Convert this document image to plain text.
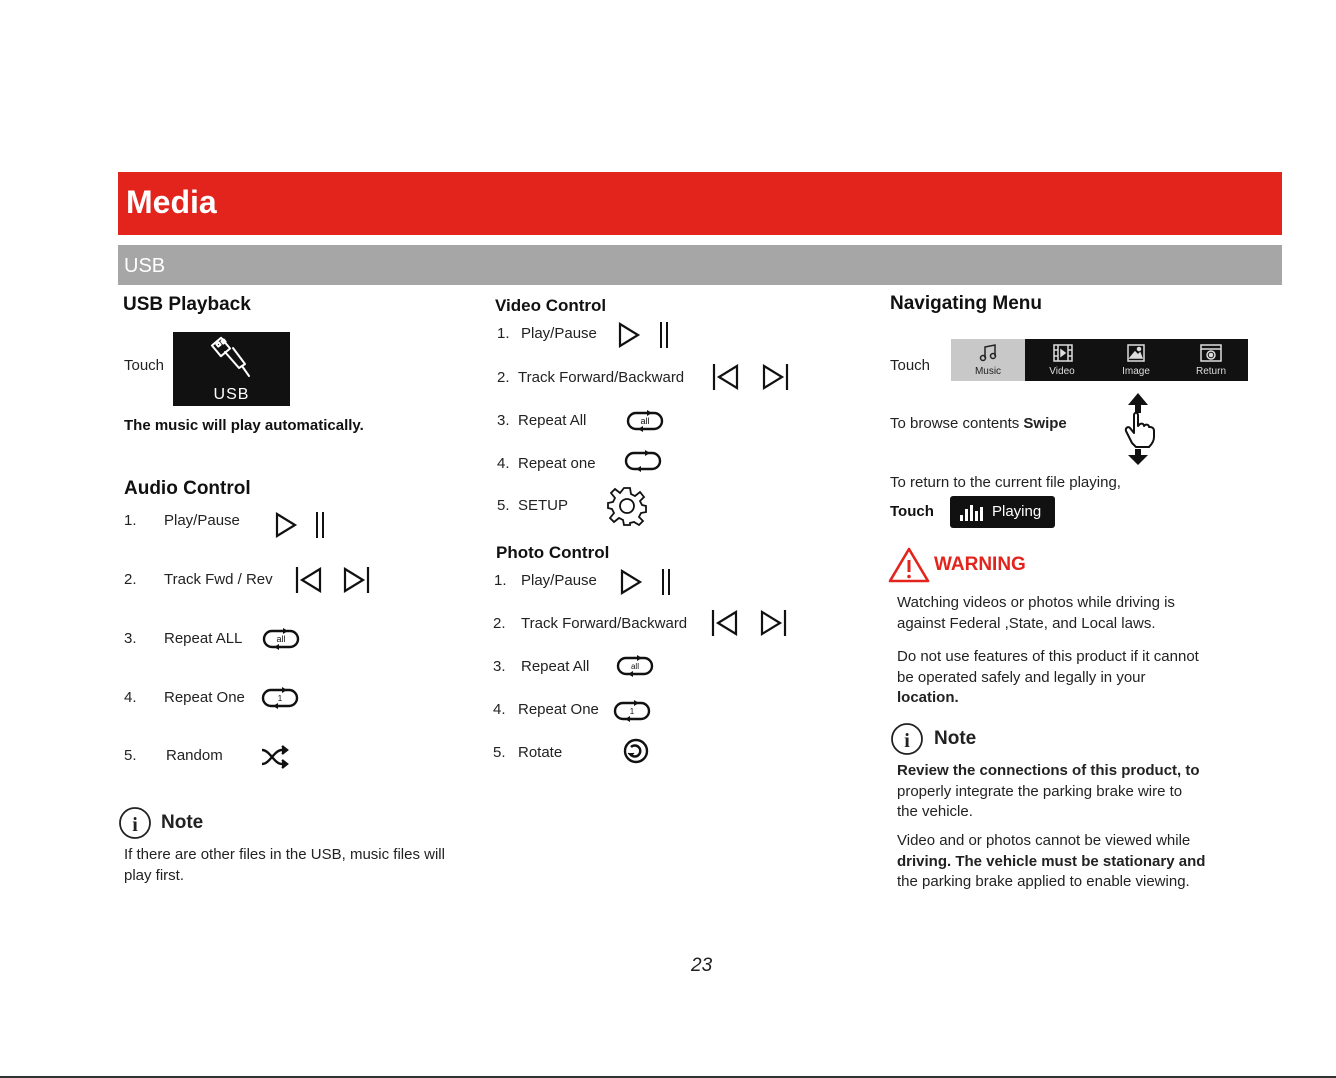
Media
USB
USB Playback
Touch
USB
The music will play automatically.
Audio Control
1. Play/Pause
2. Track Fwd / Rev
3. Repeat ALL	all
4. Repeat One	1
5. Random
i Note
If there are other files in the USB, music files will play first.
Video Control
1. Play/Pause
2. Track Forward/Backward
3. Repeat All	all
4. Repeat one
5. SETUP
Photo Control
1. Play/Pause
2. Track Forward/Backward
3. Repeat All	all
4. Repeat One	1
5. Rotate
Navigating Menu
Touch	Music	Video	Image	Return
To browse contents Swipe
To return to the current file playing,
Touch	Playing
WARNING
Watching videos or photos while driving is against Federal ,State, and Local laws.
Do not use features of this product if it cannot
be operated safely and legally in your
location.
i Note
Review the connections of this product, to
properly integrate the parking brake wire to
the vehicle.
Video and or photos cannot be viewed while
driving. The vehicle must be stationary and
the parking brake applied to enable viewing.
23
